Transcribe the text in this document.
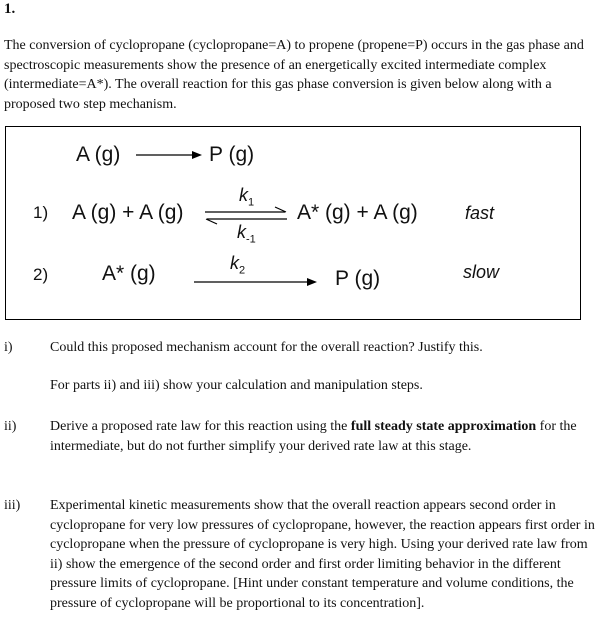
1.
The conversion of cyclopropane (cyclopropane=A) to propene (propene=P) occurs in the gas phase and spectroscopic measurements show the presence of an energetically excited intermediate complex (intermediate=A*). The overall reaction for this gas phase conversion is given below along with a proposed two step mechanism.
A (g)	P (g)
1) A (g) + A (g)
$k_1$
$k_{-1}$
A* (g) + A (g)	fast
2)	A* (g)	$k_2$	P (g)	slow
i)	Could this proposed mechanism account for the overall reaction? Justify this.
For parts ii) and iii) show your calculation and manipulation steps.
ii) Derive a proposed rate law for this reaction using the full steady state approximation for the intermediate, but do not further simplify your derived rate law at this stage.
iii) Experimental kinetic measurements show that the overall reaction appears second order in cyclopropane for very low pressures of cyclopropane, however, the reaction appears first order in cyclopropane when the pressure of cyclopropane is very high. Using your derived rate law from ii) show the emergence of the second order and first order limiting behavior in the different pressure limits of cyclopropane. [Hint under constant temperature and volume conditions, the pressure of cyclopropane will be proportional to its concentration].
